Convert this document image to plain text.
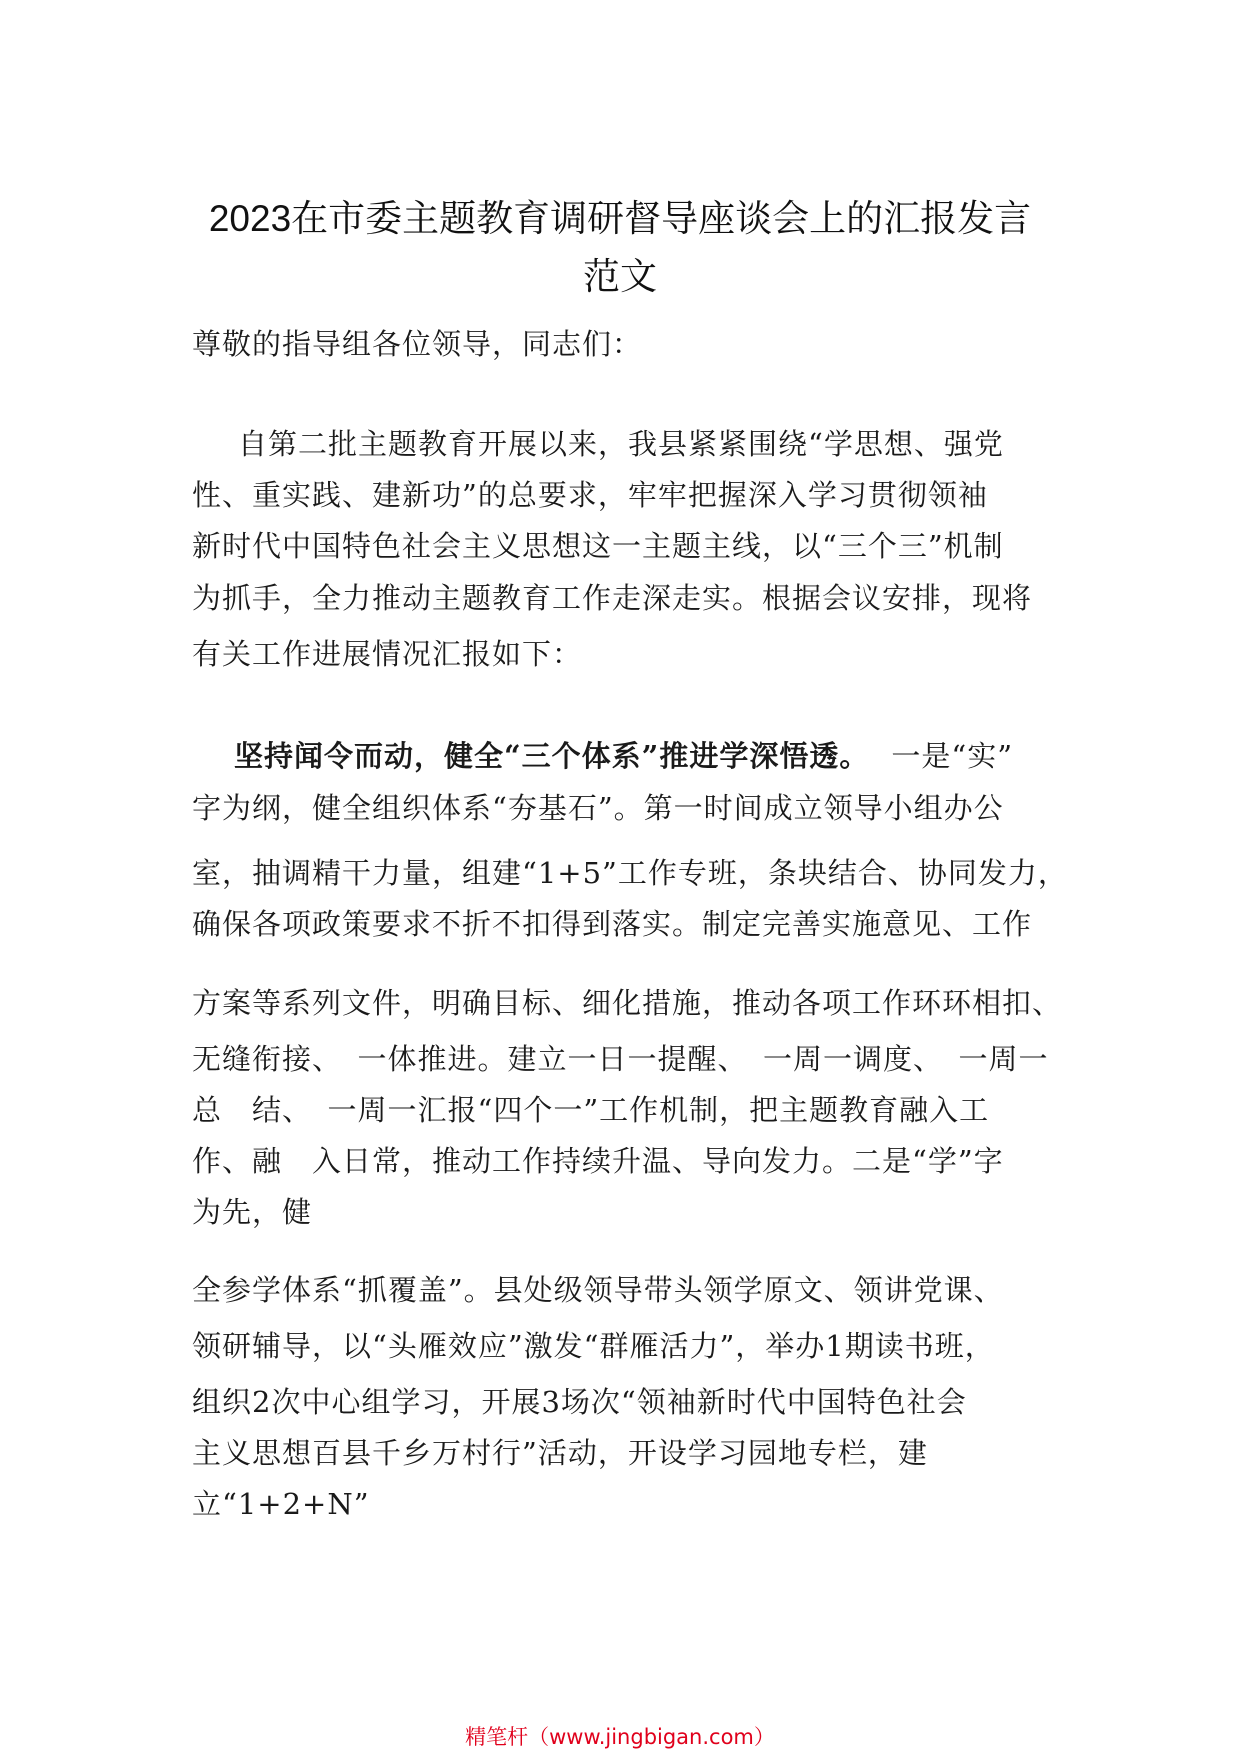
2023在市委主题教育调研督导座谈会上的汇报发言
范文
尊敬的指导组各位领导，同志们：
自第二批主题教育开展以来，我县紧紧围绕“学思想、强党
性、重实践、建新功”的总要求，牢牢把握深入学习贯彻领袖
新时代中国特色社会主义思想这一主题主线，以“三个三”机制
为抓手，全力推动主题教育工作走深走实。根据会议安排，现将
有关工作进展情况汇报如下：
坚持闻令而动，健全“三个体系”推进学深悟透。 一是“实”
字为纲，健全组织体系“夯基石”。第一时间成立领导小组办公
室，抽调精干力量，组建“1+5”工作专班，条块结合、协同发力，
确保各项政策要求不折不扣得到落实。制定完善实施意见、工作
方案等系列文件，明确目标、细化措施，推动各项工作环环相扣、
无缝衔接、　一体推进。建立一日一提醒、　一周一调度、　一周一
总　结、　一周一汇报“四个一”工作机制，把主题教育融入工
作、融　入日常，推动工作持续升温、导向发力。二是“学”字
为先，健
全参学体系“抓覆盖”。县处级领导带头领学原文、领讲党课、
领研辅导，以“头雁效应”激发“群雁活力”，举办1期读书班，
组织2次中心组学习，开展3场次“领袖新时代中国特色社会
主义思想百县千乡万村行”活动，开设学习园地专栏，建
立“1+2+N”
精笔杆（www.jingbigan.com）
